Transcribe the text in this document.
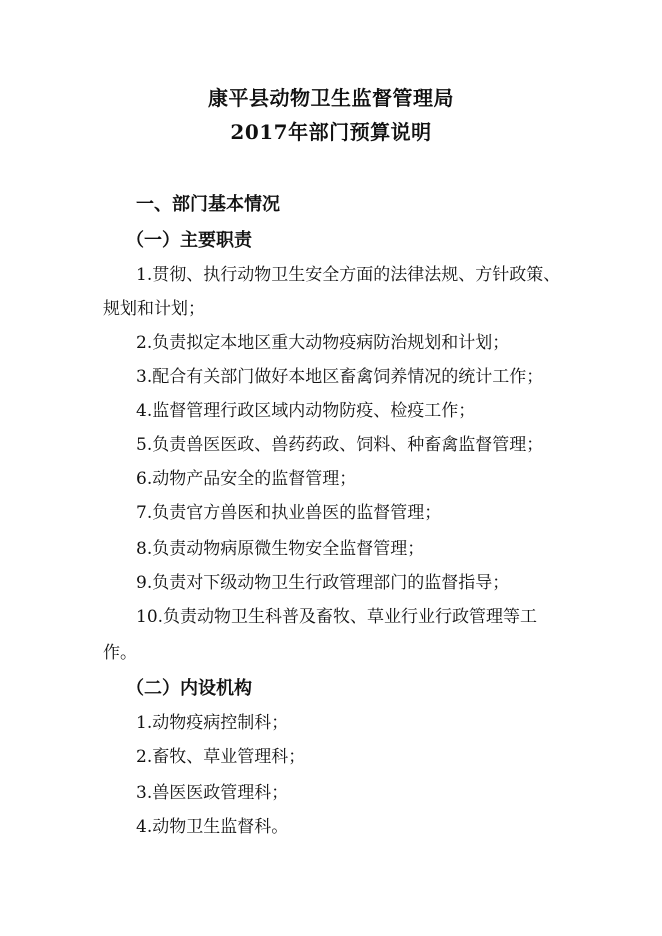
康平县动物卫生监督管理局
2017年部门预算说明
一、部门基本情况
（一）主要职责
1.贯彻、执行动物卫生安全方面的法律法规、方针政策、
规划和计划；
2.负责拟定本地区重大动物疫病防治规划和计划；
3.配合有关部门做好本地区畜禽饲养情况的统计工作；
4.监督管理行政区域内动物防疫、检疫工作；
5.负责兽医医政、兽药药政、饲料、种畜禽监督管理；
6.动物产品安全的监督管理；
7.负责官方兽医和执业兽医的监督管理；
8.负责动物病原微生物安全监督管理；
9.负责对下级动物卫生行政管理部门的监督指导；
10.负责动物卫生科普及畜牧、草业行业行政管理等工
作。
（二）内设机构
1.动物疫病控制科；
2.畜牧、草业管理科；
3.兽医医政管理科；
4.动物卫生监督科。
